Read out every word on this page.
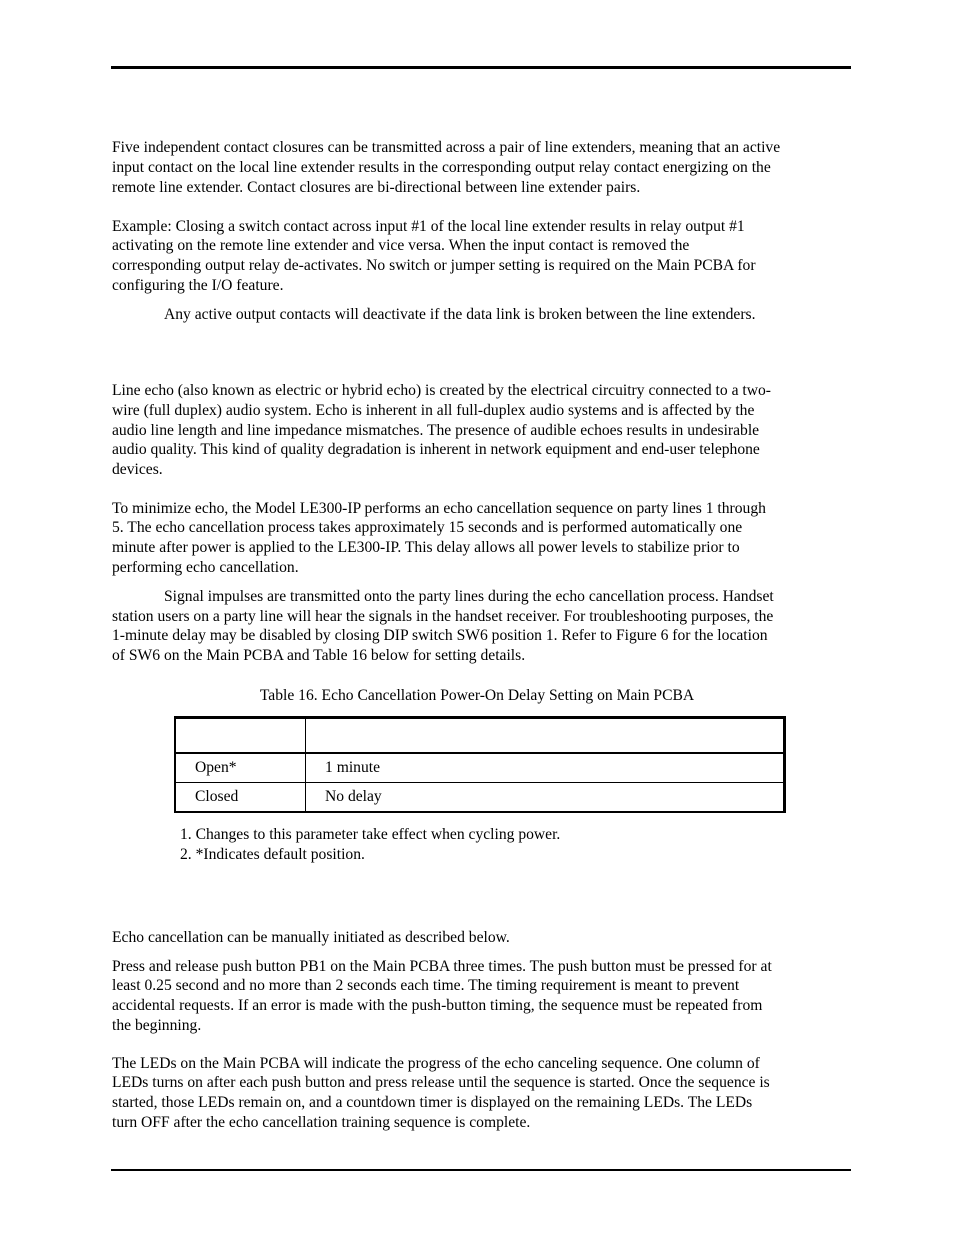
Five independent contact closures can be transmitted across a pair of line extenders, meaning that an active
input contact on the local line extender results in the corresponding output relay contact energizing on the
remote line extender. Contact closures are bi-directional between line extender pairs.
Example: Closing a switch contact across input #1 of the local line extender results in relay output #1
activating on the remote line extender and vice versa. When the input contact is removed the
corresponding output relay de-activates. No switch or jumper setting is required on the Main PCBA for
configuring the I/O feature.
Any active output contacts will deactivate if the data link is broken between the line extenders.
Line echo (also known as electric or hybrid echo) is created by the electrical circuitry connected to a two-
wire (full duplex) audio system. Echo is inherent in all full-duplex audio systems and is affected by the
audio line length and line impedance mismatches. The presence of audible echoes results in undesirable
audio quality. This kind of quality degradation is inherent in network equipment and end-user telephone
devices.
To minimize echo, the Model LE300-IP performs an echo cancellation sequence on party lines 1 through
5. The echo cancellation process takes approximately 15 seconds and is performed automatically one
minute after power is applied to the LE300-IP. This delay allows all power levels to stabilize prior to
performing echo cancellation.
Signal impulses are transmitted onto the party lines during the echo cancellation process. Handset
station users on a party line will hear the signals in the handset receiver. For troubleshooting purposes, the
1-minute delay may be disabled by closing DIP switch SW6 position 1. Refer to Figure 6 for the location
of SW6 on the Main PCBA and Table 16 below for setting details.
Table 16. Echo Cancellation Power-On Delay Setting on Main PCBA

Open*	1 minute
Closed	No delay
1. Changes to this parameter take effect when cycling power.
2. *Indicates default position.
Echo cancellation can be manually initiated as described below.
Press and release push button PB1 on the Main PCBA three times. The push button must be pressed for at
least 0.25 second and no more than 2 seconds each time. The timing requirement is meant to prevent
accidental requests. If an error is made with the push-button timing, the sequence must be repeated from
the beginning.
The LEDs on the Main PCBA will indicate the progress of the echo canceling sequence. One column of
LEDs turns on after each push button and press release until the sequence is started. Once the sequence is
started, those LEDs remain on, and a countdown timer is displayed on the remaining LEDs. The LEDs
turn OFF after the echo cancellation training sequence is complete.
